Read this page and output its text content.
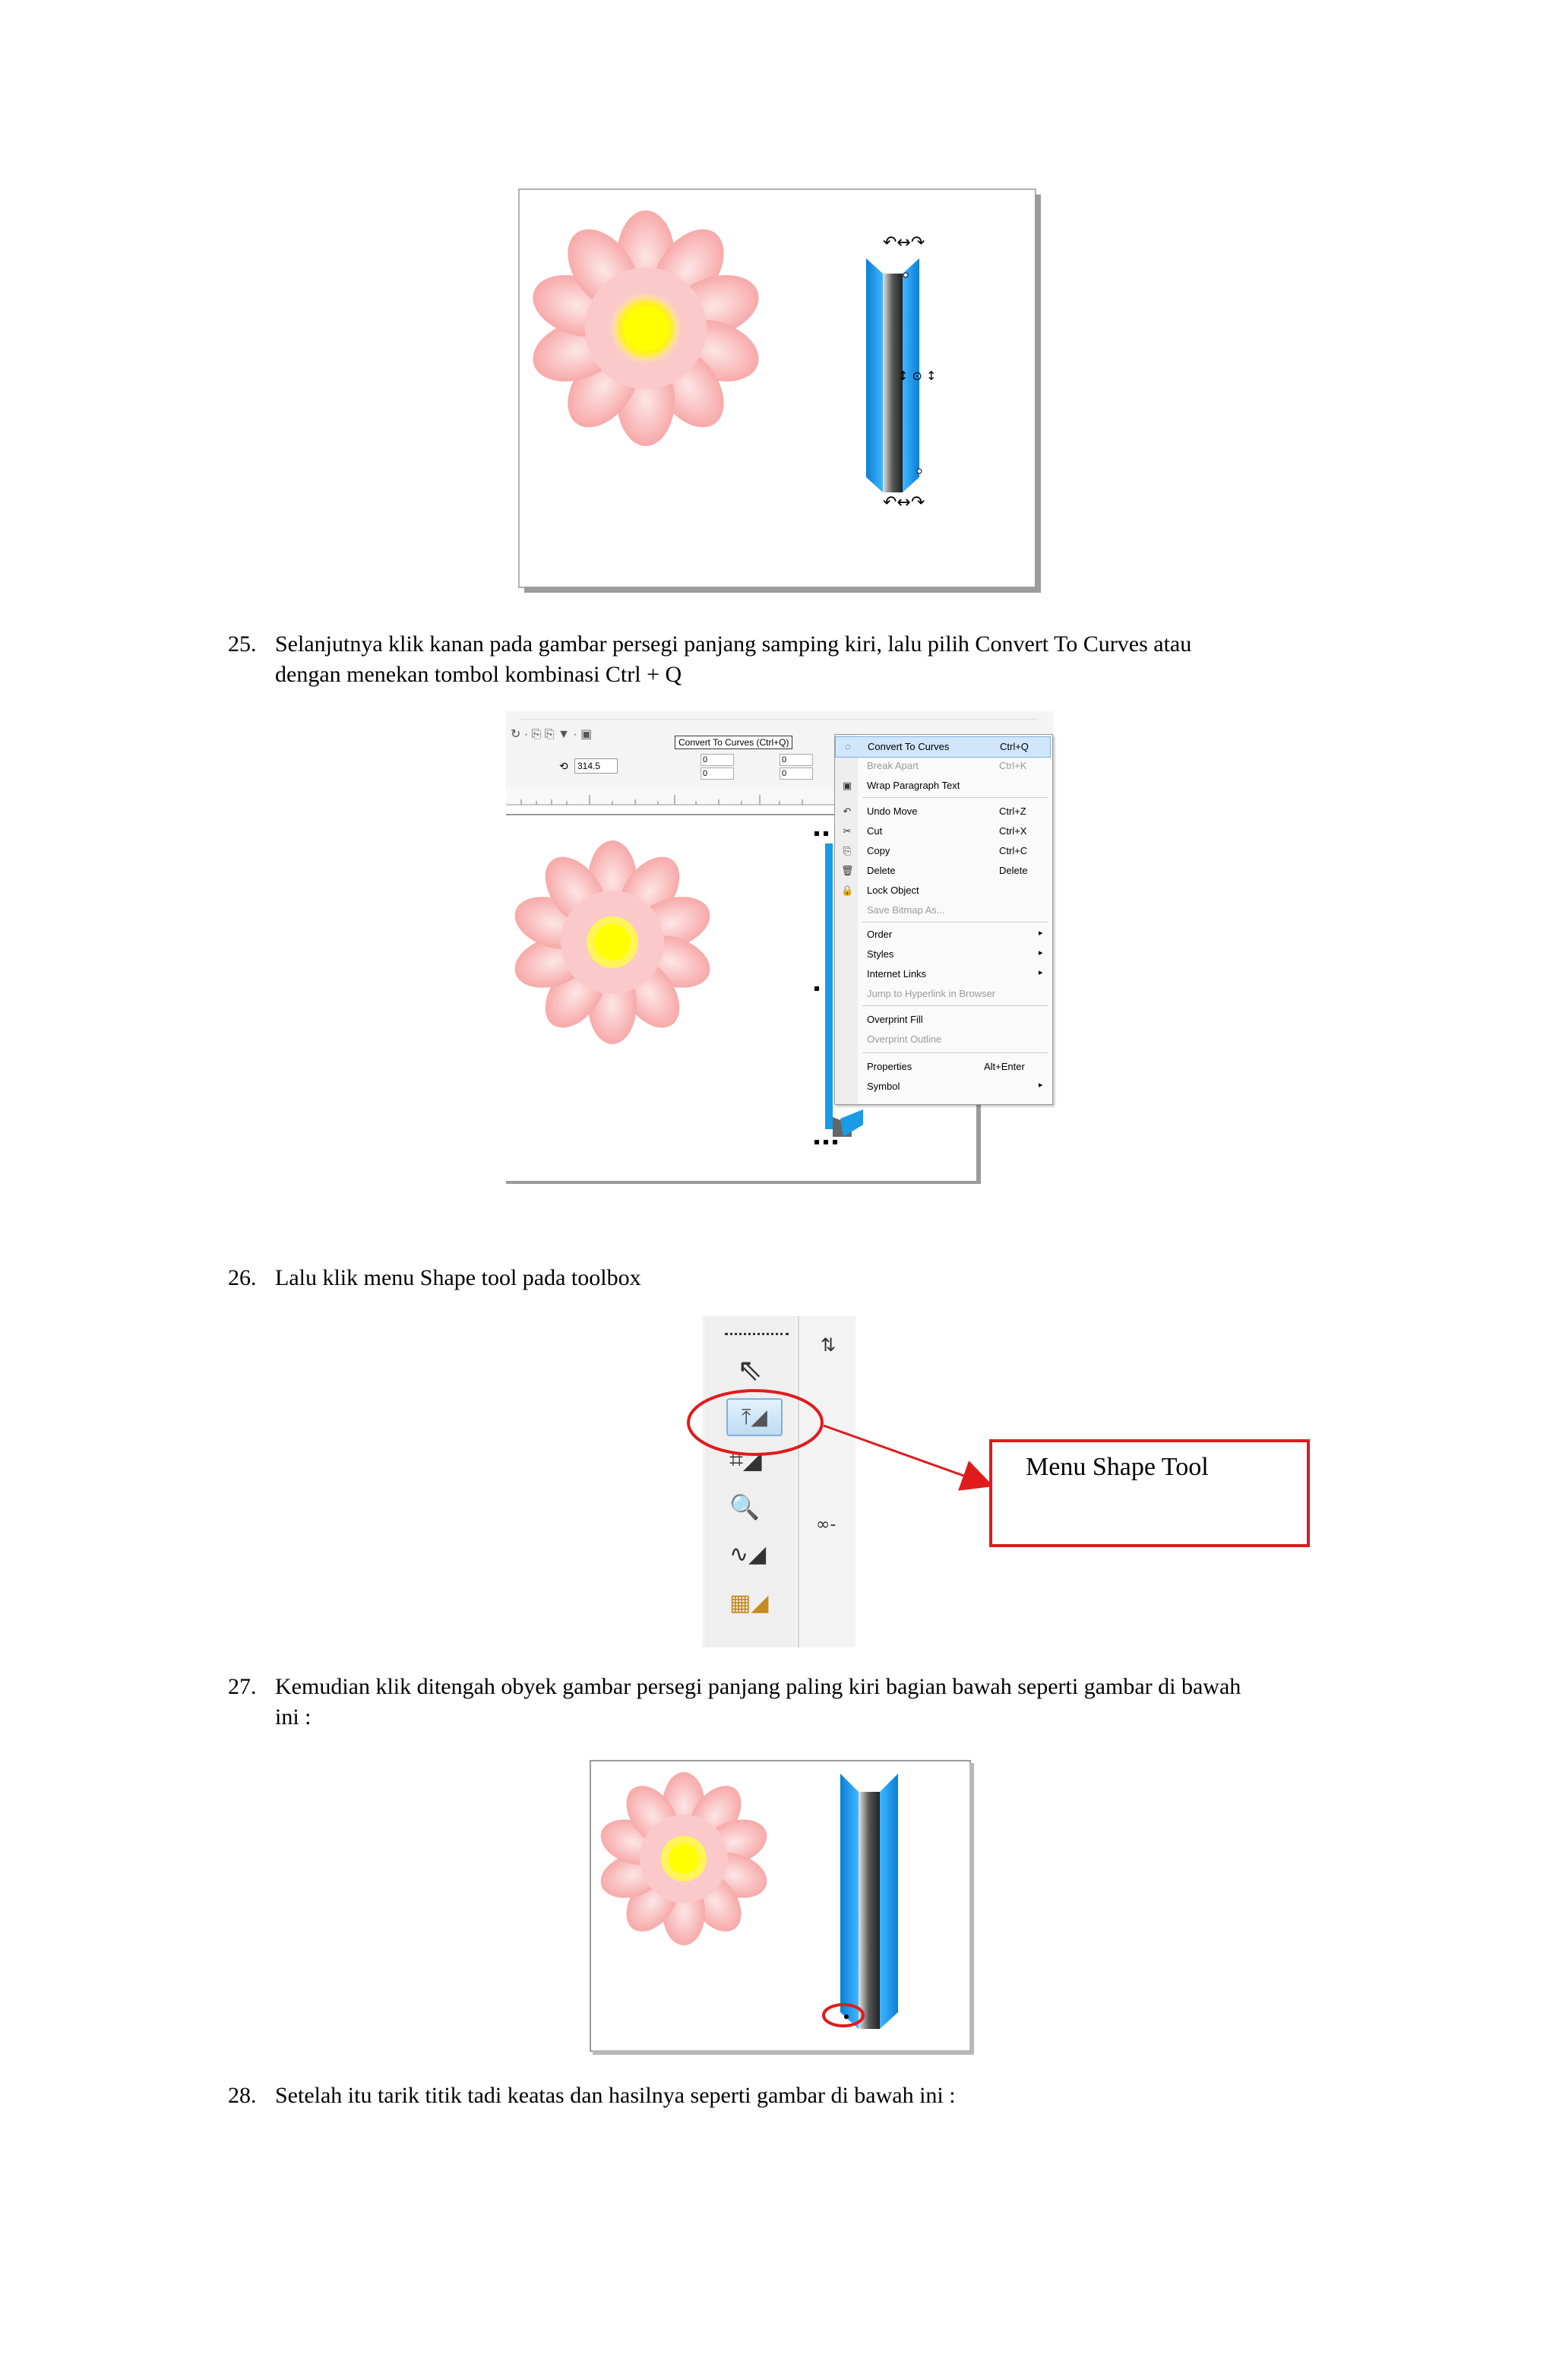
↶↔↷
↶↔↷
↕ ⊙ ↕
25. Selanjutnya klik kanan pada gambar persegi panjang samping kiri, lalu pilih Convert To Curves atau
dengan menekan tombol kombinasi Ctrl + Q
↻ · ⎘ ⎘ ▼ · ▣
Convert To Curves (Ctrl+Q)
⟲	314.5
0
0
0
0
◌	Convert To Curves	Ctrl+Q
Break Apart	Ctrl+K
▣ Wrap Paragraph Text
↶ Undo Move	Ctrl+Z
✂ Cut	Ctrl+X
⎘ Copy	Ctrl+C
🗑 Delete	Delete
🔒 Lock Object
Save Bitmap As...
Order	▸
Styles	▸
Internet Links	▸
Jump to Hyperlink in Browser
Overprint Fill
Overprint Outline
Properties	Alt+Enter
Symbol	▸
26. Lalu klik menu Shape tool pada toolbox
⇖
⤒◢
⌗◢
🔍
∿◢
▦◢
⇅
∞-
Menu Shape Tool
27. Kemudian klik ditengah obyek gambar persegi panjang paling kiri bagian bawah seperti gambar di bawah
ini :
28. Setelah itu tarik titik tadi keatas dan hasilnya seperti gambar di bawah ini :
